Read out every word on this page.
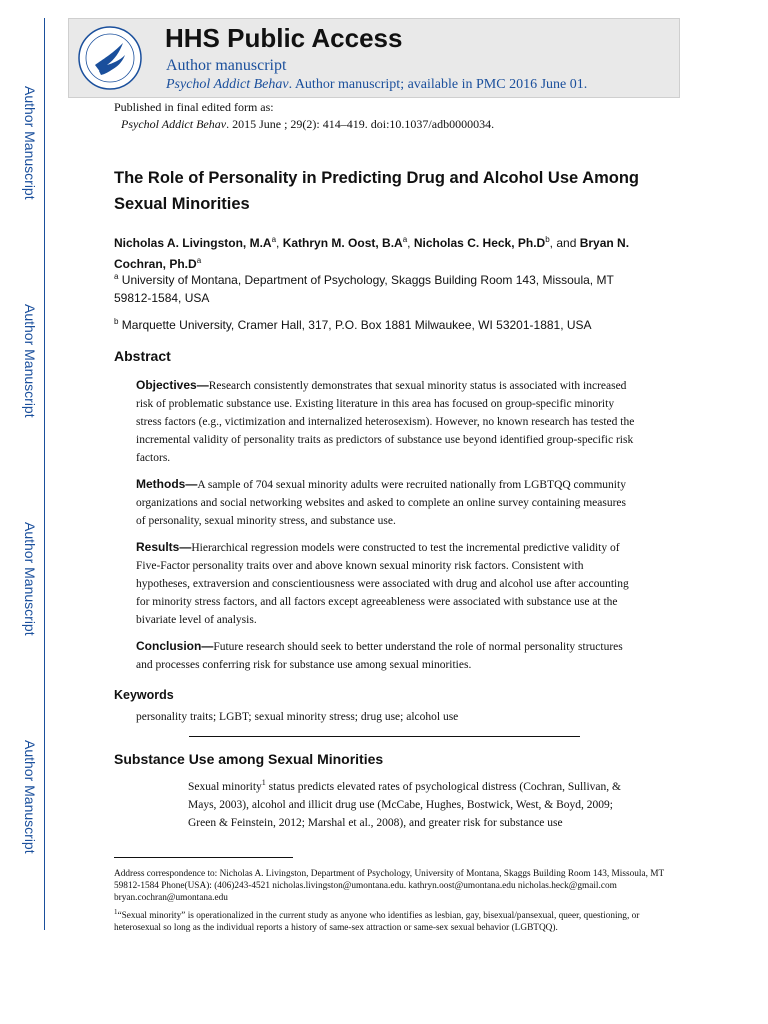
Author Manuscript
Author Manuscript
Author Manuscript
Author Manuscript
HHS Public Access
Author manuscript
Psychol Addict Behav. Author manuscript; available in PMC 2016 June 01.
Published in final edited form as:
Psychol Addict Behav. 2015 June ; 29(2): 414–419. doi:10.1037/adb0000034.
The Role of Personality in Predicting Drug and Alcohol Use Among Sexual Minorities
Nicholas A. Livingston, $M.A^a$, Kathryn M. Oost, $B.A^a$, Nicholas C. Heck, $Ph.D^b$, and Bryan N. Cochran, $Ph.D^a$
$^a$ University of Montana, Department of Psychology, Skaggs Building Room 143, Missoula, MT 59812-1584, USA
$^b$ Marquette University, Cramer Hall, 317, P.O. Box 1881 Milwaukee, WI 53201-1881, USA
Abstract
Objectives—Research consistently demonstrates that sexual minority status is associated with increased risk of problematic substance use. Existing literature in this area has focused on group-specific minority stress factors (e.g., victimization and internalized heterosexism). However, no known research has tested the incremental validity of personality traits as predictors of substance use beyond identified group-specific risk factors.
Methods—A sample of 704 sexual minority adults were recruited nationally from LGBTQQ community organizations and social networking websites and asked to complete an online survey containing measures of personality, sexual minority stress, and substance use.
Results—Hierarchical regression models were constructed to test the incremental predictive validity of Five-Factor personality traits over and above known sexual minority risk factors. Consistent with hypotheses, extraversion and conscientiousness were associated with drug and alcohol use after accounting for minority stress factors, and all factors except agreeableness were associated with substance use at the bivariate level of analysis.
Conclusion—Future research should seek to better understand the role of normal personality structures and processes conferring risk for substance use among sexual minorities.
Keywords
personality traits; LGBT; sexual minority stress; drug use; alcohol use
Substance Use among Sexual Minorities
Sexual minority$^1$ status predicts elevated rates of psychological distress (Cochran, Sullivan, & Mays, 2003), alcohol and illicit drug use (McCabe, Hughes, Bostwick, West, & Boyd, 2009; Green & Feinstein, 2012; Marshal et al., 2008), and greater risk for substance use
Address correspondence to: Nicholas A. Livingston, Department of Psychology, University of Montana, Skaggs Building Room 143, Missoula, MT 59812-1584 Phone(USA): (406)243-4521 nicholas.livingston@umontana.edu. kathryn.oost@umontana.edu nicholas.heck@gmail.com bryan.cochran@umontana.edu
$^1$“Sexual minority” is operationalized in the current study as anyone who identifies as lesbian, gay, bisexual/pansexual, queer, questioning, or heterosexual so long as the individual reports a history of same-sex attraction or same-sex sexual behavior (LGBTQQ).
